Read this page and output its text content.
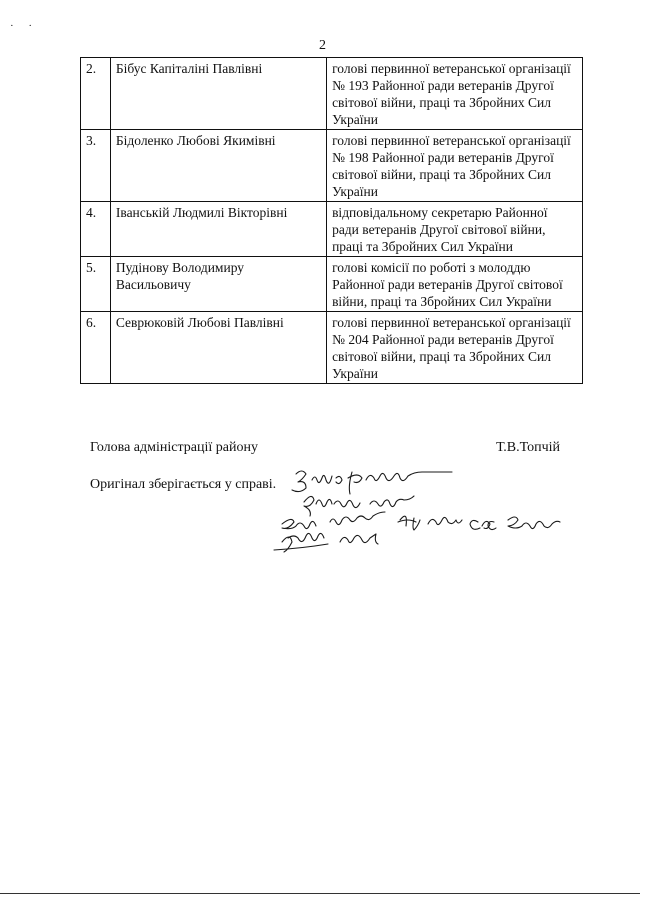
· ·
2
2.	Бібус Капіталіні Павлівні	голові первинної ветеранської організації № 193 Районної ради ветеранів Другої світової війни, праці та Збройних Сил України
3.	Бідоленко Любові Якимівні	голові первинної ветеранської організації № 198 Районної ради ветеранів Другої світової війни, праці та Збройних Сил України
4.	Іванській Людмилі Вікторівні	відповідальному секретарю Районної ради ветеранів Другої світової війни, праці та Збройних Сил України
5.	Пудінову Володимиру Васильовичу	голові комісії по роботі з молоддю Районної ради ветеранів Другої світової війни, праці та Збройних Сил України
6.	Севрюковій Любові Павлівні	голові первинної ветеранської організації № 204 Районної ради ветеранів Другої світової війни, праці та Збройних Сил України
Голова адміністрації району	Т.В.Топчій
Оригінал зберігається у справі.
Згідно з оригіналом. Завідувач сектору кадрової роботи ЦНАП О.С. Рогова 10.02.2017
